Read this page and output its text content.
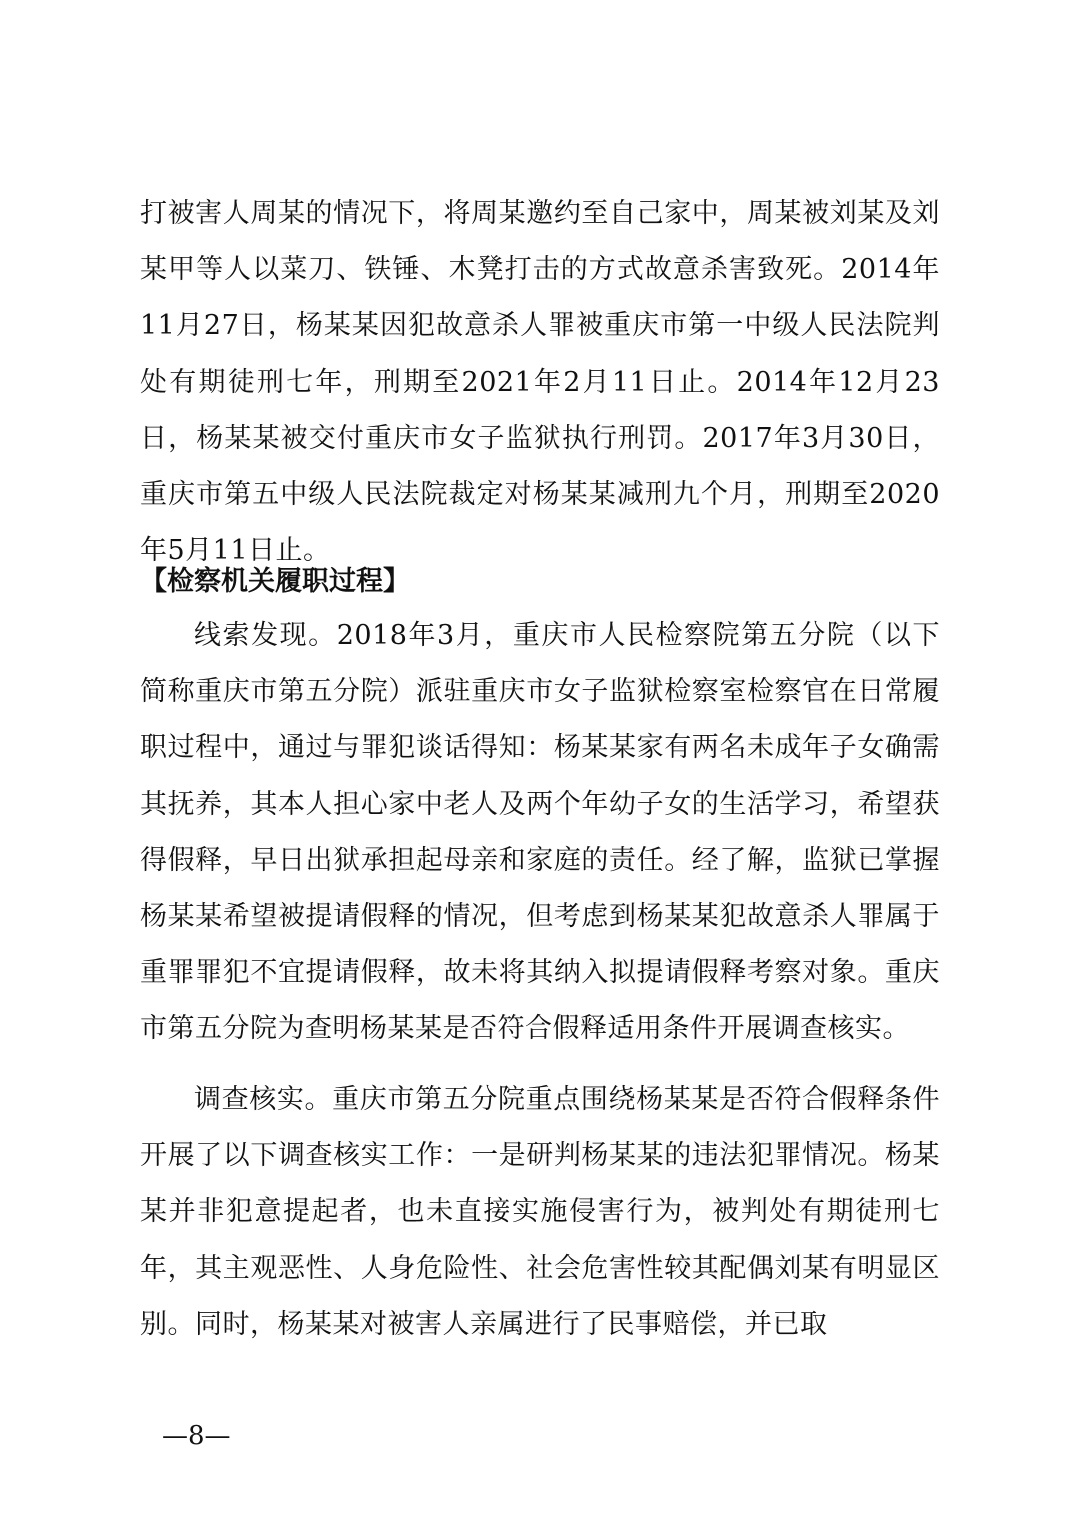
打被害人周某的情况下，将周某邀约至自己家中，周某被刘某及刘某甲等人以菜刀、铁锤、木凳打击的方式故意杀害致死。2014年11月27日，杨某某因犯故意杀人罪被重庆市第一中级人民法院判处有期徒刑七年，刑期至2021年2月11日止。2014年12月23日，杨某某被交付重庆市女子监狱执行刑罚。2017年3月30日，重庆市第五中级人民法院裁定对杨某某减刑九个月，刑期至2020年5月11日止。

【检察机关履职过程】

线索发现。2018年3月，重庆市人民检察院第五分院（以下简称重庆市第五分院）派驻重庆市女子监狱检察室检察官在日常履职过程中，通过与罪犯谈话得知：杨某某家有两名未成年子女确需其抚养，其本人担心家中老人及两个年幼子女的生活学习，希望获得假释，早日出狱承担起母亲和家庭的责任。经了解，监狱已掌握杨某某希望被提请假释的情况，但考虑到杨某某犯故意杀人罪属于重罪罪犯不宜提请假释，故未将其纳入拟提请假释考察对象。重庆市第五分院为查明杨某某是否符合假释适用条件开展调查核实。

调查核实。重庆市第五分院重点围绕杨某某是否符合假释条件开展了以下调查核实工作：一是研判杨某某的违法犯罪情况。杨某某并非犯意提起者，也未直接实施侵害行为，被判处有期徒刑七年，其主观恶性、人身危险性、社会危害性较其配偶刘某有明显区别。同时，杨某某对被害人亲属进行了民事赔偿，并已取

—8—
